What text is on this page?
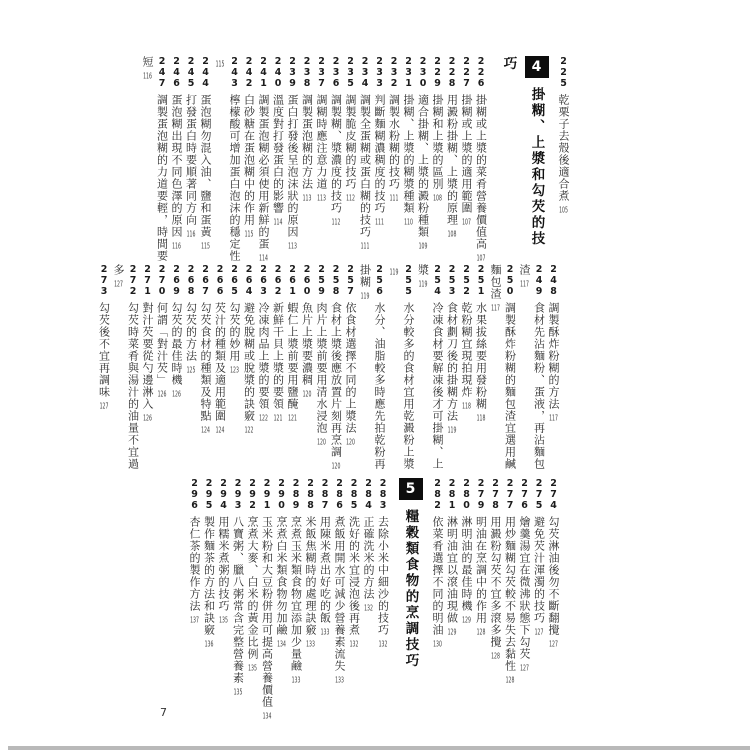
225乾栗子去殼後適合煮105
4掛糊、上漿和勾芡的技巧
226掛糊或上漿的菜肴營養價值高107
227掛糊或上漿的適用範圍107
228用澱粉掛糊、上漿的原理108
229掛糊和上漿的區別108
230適合掛糊、上漿的澱粉種類109
231掛糊、上漿的糊漿種類110
232調製水粉糊的技巧111
233判斷麵糊濃稠度的技巧111
234調製全蛋糊或蛋白糊的技巧111
235調製脆皮糊的技巧112
236調製糊、漿濃度的技巧112
237調糊時應注意力道113
238調製蛋泡糊的方法113
239蛋白打發後呈泡沫狀的原因113
240溫度對打發蛋白的影響114
241調製蛋泡糊必須使用新鮮的蛋114
242白砂糖在蛋泡糊中的作用115
243檸檬酸可增加蛋白泡沫的穩定性115
244蛋泡糊勿混入油、鹽和蛋黃115
245打發蛋白時要順著同方向116
246蛋泡糊出現不同色澤的原因116
247調製蛋泡糊的力道要輕，時間要短116
248調製酥炸粉糊的方法117
249食材先沾麵粉、蛋液，再沾麵包渣117
250調製酥炸粉糊的麵包渣宜選用鹹麵包渣117
251水果拔絲要用發粉糊118
252乾粉糊宜現拍現炸118
253食材劃刀後的掛糊方法119
254冷凍食材要解凍後才可掛糊、上漿119
255水分較多的食材宜用乾澱粉上漿119
256水分、油脂較多時應先拍乾粉再掛糊119
257依食材選擇不同的上漿法120
258食材上漿後應放置片刻再烹調120
259肉片上漿前要用清水浸泡120
260魚片上漿要濃稠120
261蝦仁上漿前要用鹽醃121
262新鮮干貝上漿的要領121
263冷凍肉品上漿的要領122
264避免脫糊或脫漿的訣竅122
265勾芡的妙用123
266芡汁的種類及適用範圍124
267勾芡食材的種類及特點124
268勾芡的方法125
269勾芡的最佳時機126
270何謂「對汁芡」126
271對汁芡要從勺邊淋入126
272勾芡時菜肴與湯汁的油量不宜過多127
273勾芡後不宜再調味127
274勾芡淋油後勿不斷翻攪127
275避免芡汁渾濁的技巧127
276燴羹湯宜在微沸狀態下勾芡127
277用炒麵糊勾芡較不易失去黏性128
278用澱粉勾芡不宜多滾多攪128
279明油在烹調中的作用128
280淋明油的最佳時機129
281淋明油宜以滾油現做129
282依菜肴選擇不同的明油130
5糧穀類食物的烹調技巧
283去除小米中細沙的技巧132
284正確洗米的方法132
285洗好的米宜浸泡後再煮132
286煮飯用開水可減少營養素流失133
287用陳米煮出好吃的飯133
288米飯焦糊時的處理訣竅133
289烹煮玉米類食物宜添加少量鹼133
290烹煮白米類食物勿加鹼134
291玉米粉和大豆粉併用可提高營養價值134
292烹煮大麥、白米的黃金比例135
293八寶粥、臘八粥常含完整營養素135
294用糯米煮粥的技巧135
295製作麵茶的方法和訣竅136
296杏仁茶的製作方法137
7
